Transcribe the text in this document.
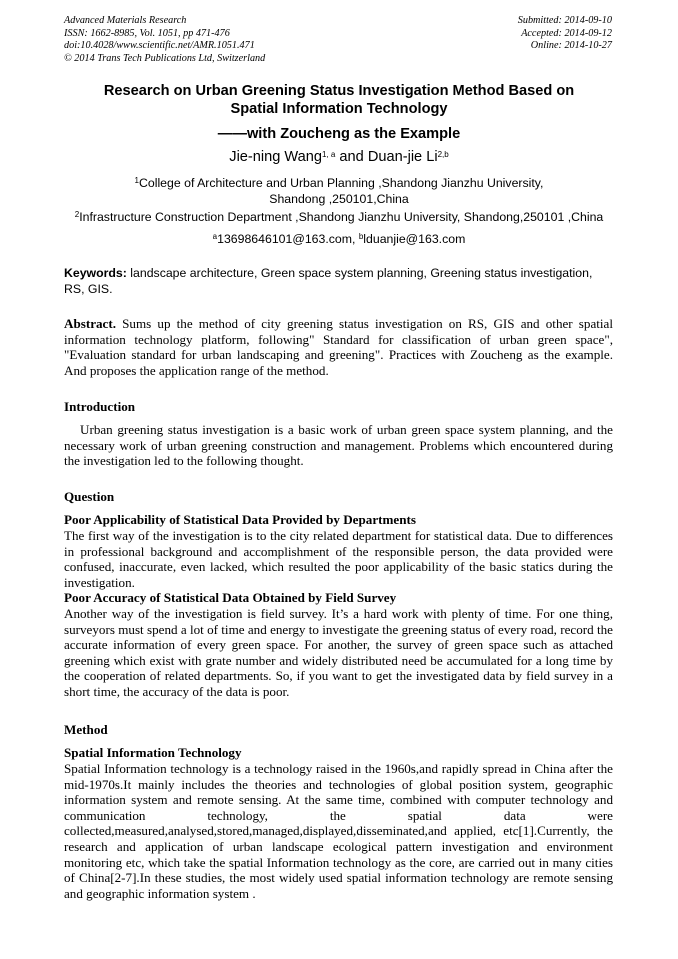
Advanced Materials Research
ISSN: 1662-8985, Vol. 1051, pp 471-476
doi:10.4028/www.scientific.net/AMR.1051.471
© 2014 Trans Tech Publications Ltd, Switzerland
Submitted: 2014-09-10
Accepted: 2014-09-12
Online: 2014-10-27
Research on Urban Greening Status Investigation Method Based on
Spatial Information Technology
——with Zoucheng as the Example
Jie-ning Wang$^{1, a}$ and Duan-jie Li$^{2,b}$
$^1$College of Architecture and Urban Planning ,Shandong Jianzhu University,
Shandong ,250101,China
$^2$Infrastructure Construction Department ,Shandong Jianzhu University, Shandong,250101 ,China
$^a$13698646101@163.com, $^b$lduanjie@163.com
Keywords: landscape architecture, Green space system planning, Greening status investigation, RS, GIS.
Abstract. Sums up the method of city greening status investigation on RS, GIS and other spatial information technology platform, following" Standard for classification of urban green space", "Evaluation standard for urban landscaping and greening". Practices with Zoucheng as the example. And proposes the application range of the method.
Introduction

Urban greening status investigation is a basic work of urban green space system planning, and the necessary work of urban greening construction and management. Problems which encountered during the investigation led to the following thought.

Question
Poor Applicability of Statistical Data Provided by Departments

The first way of the investigation is to the city related department for statistical data. Due to differences in professional background and accomplishment of the responsible person, the data provided were confused, inaccurate, even lacked, which resulted the poor applicability of the basic statics during the investigation.

Poor Accuracy of Statistical Data Obtained by Field Survey

Another way of the investigation is field survey. It’s a hard work with plenty of time. For one thing, surveyors must spend a lot of time and energy to investigate the greening status of every road, record the accurate information of every green space. For another, the survey of green space such as attached greening which exist with grate number and widely distributed need be accumulated for a long time by the cooperation of related departments. So, if you want to get the investigated data by field survey in a short time, the accuracy of the data is poor.

Method
Spatial Information Technology

Spatial Information technology is a technology raised in the 1960s,and rapidly spread in China after the mid-1970s.It mainly includes the theories and technologies of global position system, geographic information system and remote sensing. At the same time, combined with computer technology and communication technology, the spatial data were collected,measured,analysed,stored,managed,displayed,disseminated,and applied, etc[1].Currently, the research and application of urban landscape ecological pattern investigation and environment monitoring etc, which take the spatial Information technology as the core, are carried out in many cities of China[2-7].In these studies, the most widely used spatial information technology are remote sensing and geographic information system .
